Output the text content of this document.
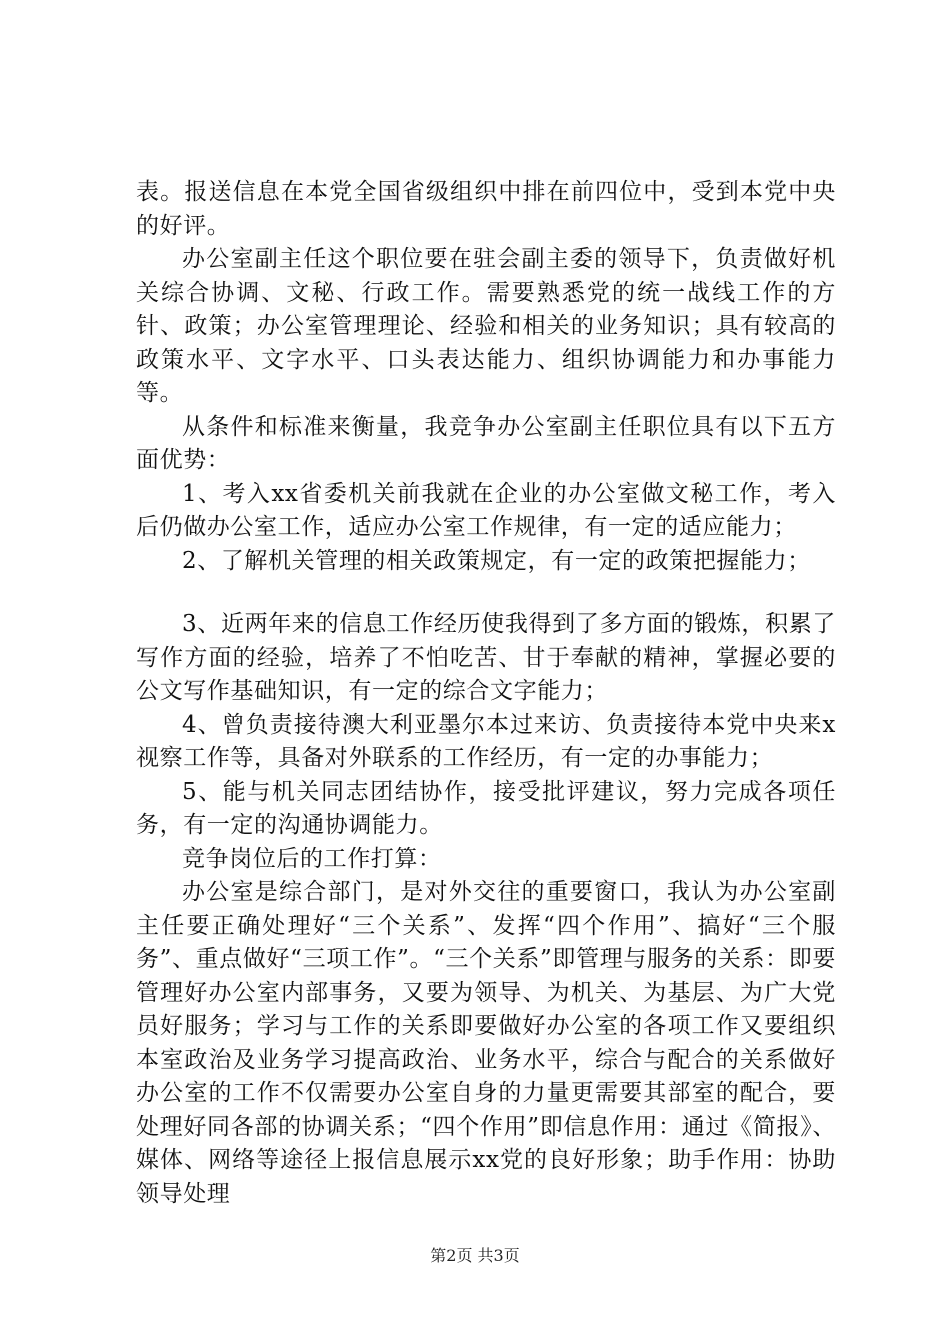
表。报送信息在本党全国省级组织中排在前四位中，受到本党中央的好评。

办公室副主任这个职位要在驻会副主委的领导下，负责做好机关综合协调、文秘、行政工作。需要熟悉党的统一战线工作的方针、政策；办公室管理理论、经验和相关的业务知识；具有较高的政策水平、文字水平、口头表达能力、组织协调能力和办事能力等。

从条件和标准来衡量，我竞争办公室副主任职位具有以下五方面优势：

1、考入xx省委机关前我就在企业的办公室做文秘工作，考入后仍做办公室工作，适应办公室工作规律，有一定的适应能力；

2、了解机关管理的相关政策规定，有一定的政策把握能力；

3、近两年来的信息工作经历使我得到了多方面的锻炼，积累了写作方面的经验，培养了不怕吃苦、甘于奉献的精神，掌握必要的公文写作基础知识，有一定的综合文字能力；

4、曾负责接待澳大利亚墨尔本过来访、负责接待本党中央来x视察工作等，具备对外联系的工作经历，有一定的办事能力；

5、能与机关同志团结协作，接受批评建议，努力完成各项任务，有一定的沟通协调能力。

竞争岗位后的工作打算：

办公室是综合部门，是对外交往的重要窗口，我认为办公室副主任要正确处理好“三个关系”、发挥“四个作用”、搞好“三个服务”、重点做好“三项工作”。“三个关系”即管理与服务的关系：即要管理好办公室内部事务，又要为领导、为机关、为基层、为广大党员好服务；学习与工作的关系即要做好办公室的各项工作又要组织本室政治及业务学习提高政治、业务水平，综合与配合的关系做好办公室的工作不仅需要办公室自身的力量更需要其部室的配合，要处理好同各部的协调关系；“四个作用”即信息作用：通过《简报》、媒体、网络等途径上报信息展示xx党的良好形象；助手作用：协助领导处理

第2页 共3页
